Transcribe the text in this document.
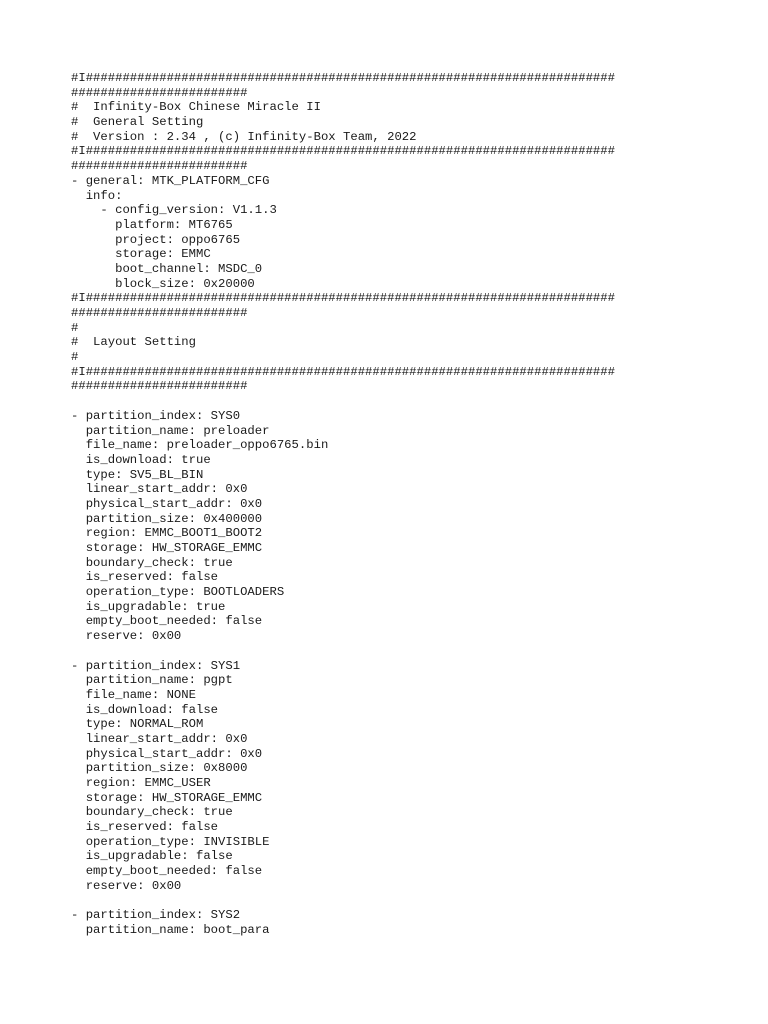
#I########################################################################
########################
#  Infinity-Box Chinese Miracle II
#  General Setting
#  Version : 2.34 , (c) Infinity-Box Team, 2022
#I########################################################################
########################
- general: MTK_PLATFORM_CFG
info:
- config_version: V1.1.3
platform: MT6765
project: oppo6765
storage: EMMC
boot_channel: MSDC_0
block_size: 0x20000
#I########################################################################
########################
#
#  Layout Setting
#
#I########################################################################
########################
- partition_index: SYS0
partition_name: preloader
file_name: preloader_oppo6765.bin
is_download: true
type: SV5_BL_BIN
linear_start_addr: 0x0
physical_start_addr: 0x0
partition_size: 0x400000
region: EMMC_BOOT1_BOOT2
storage: HW_STORAGE_EMMC
boundary_check: true
is_reserved: false
operation_type: BOOTLOADERS
is_upgradable: true
empty_boot_needed: false
reserve: 0x00
- partition_index: SYS1
partition_name: pgpt
file_name: NONE
is_download: false
type: NORMAL_ROM
linear_start_addr: 0x0
physical_start_addr: 0x0
partition_size: 0x8000
region: EMMC_USER
storage: HW_STORAGE_EMMC
boundary_check: true
is_reserved: false
operation_type: INVISIBLE
is_upgradable: false
empty_boot_needed: false
reserve: 0x00
- partition_index: SYS2
partition_name: boot_para
